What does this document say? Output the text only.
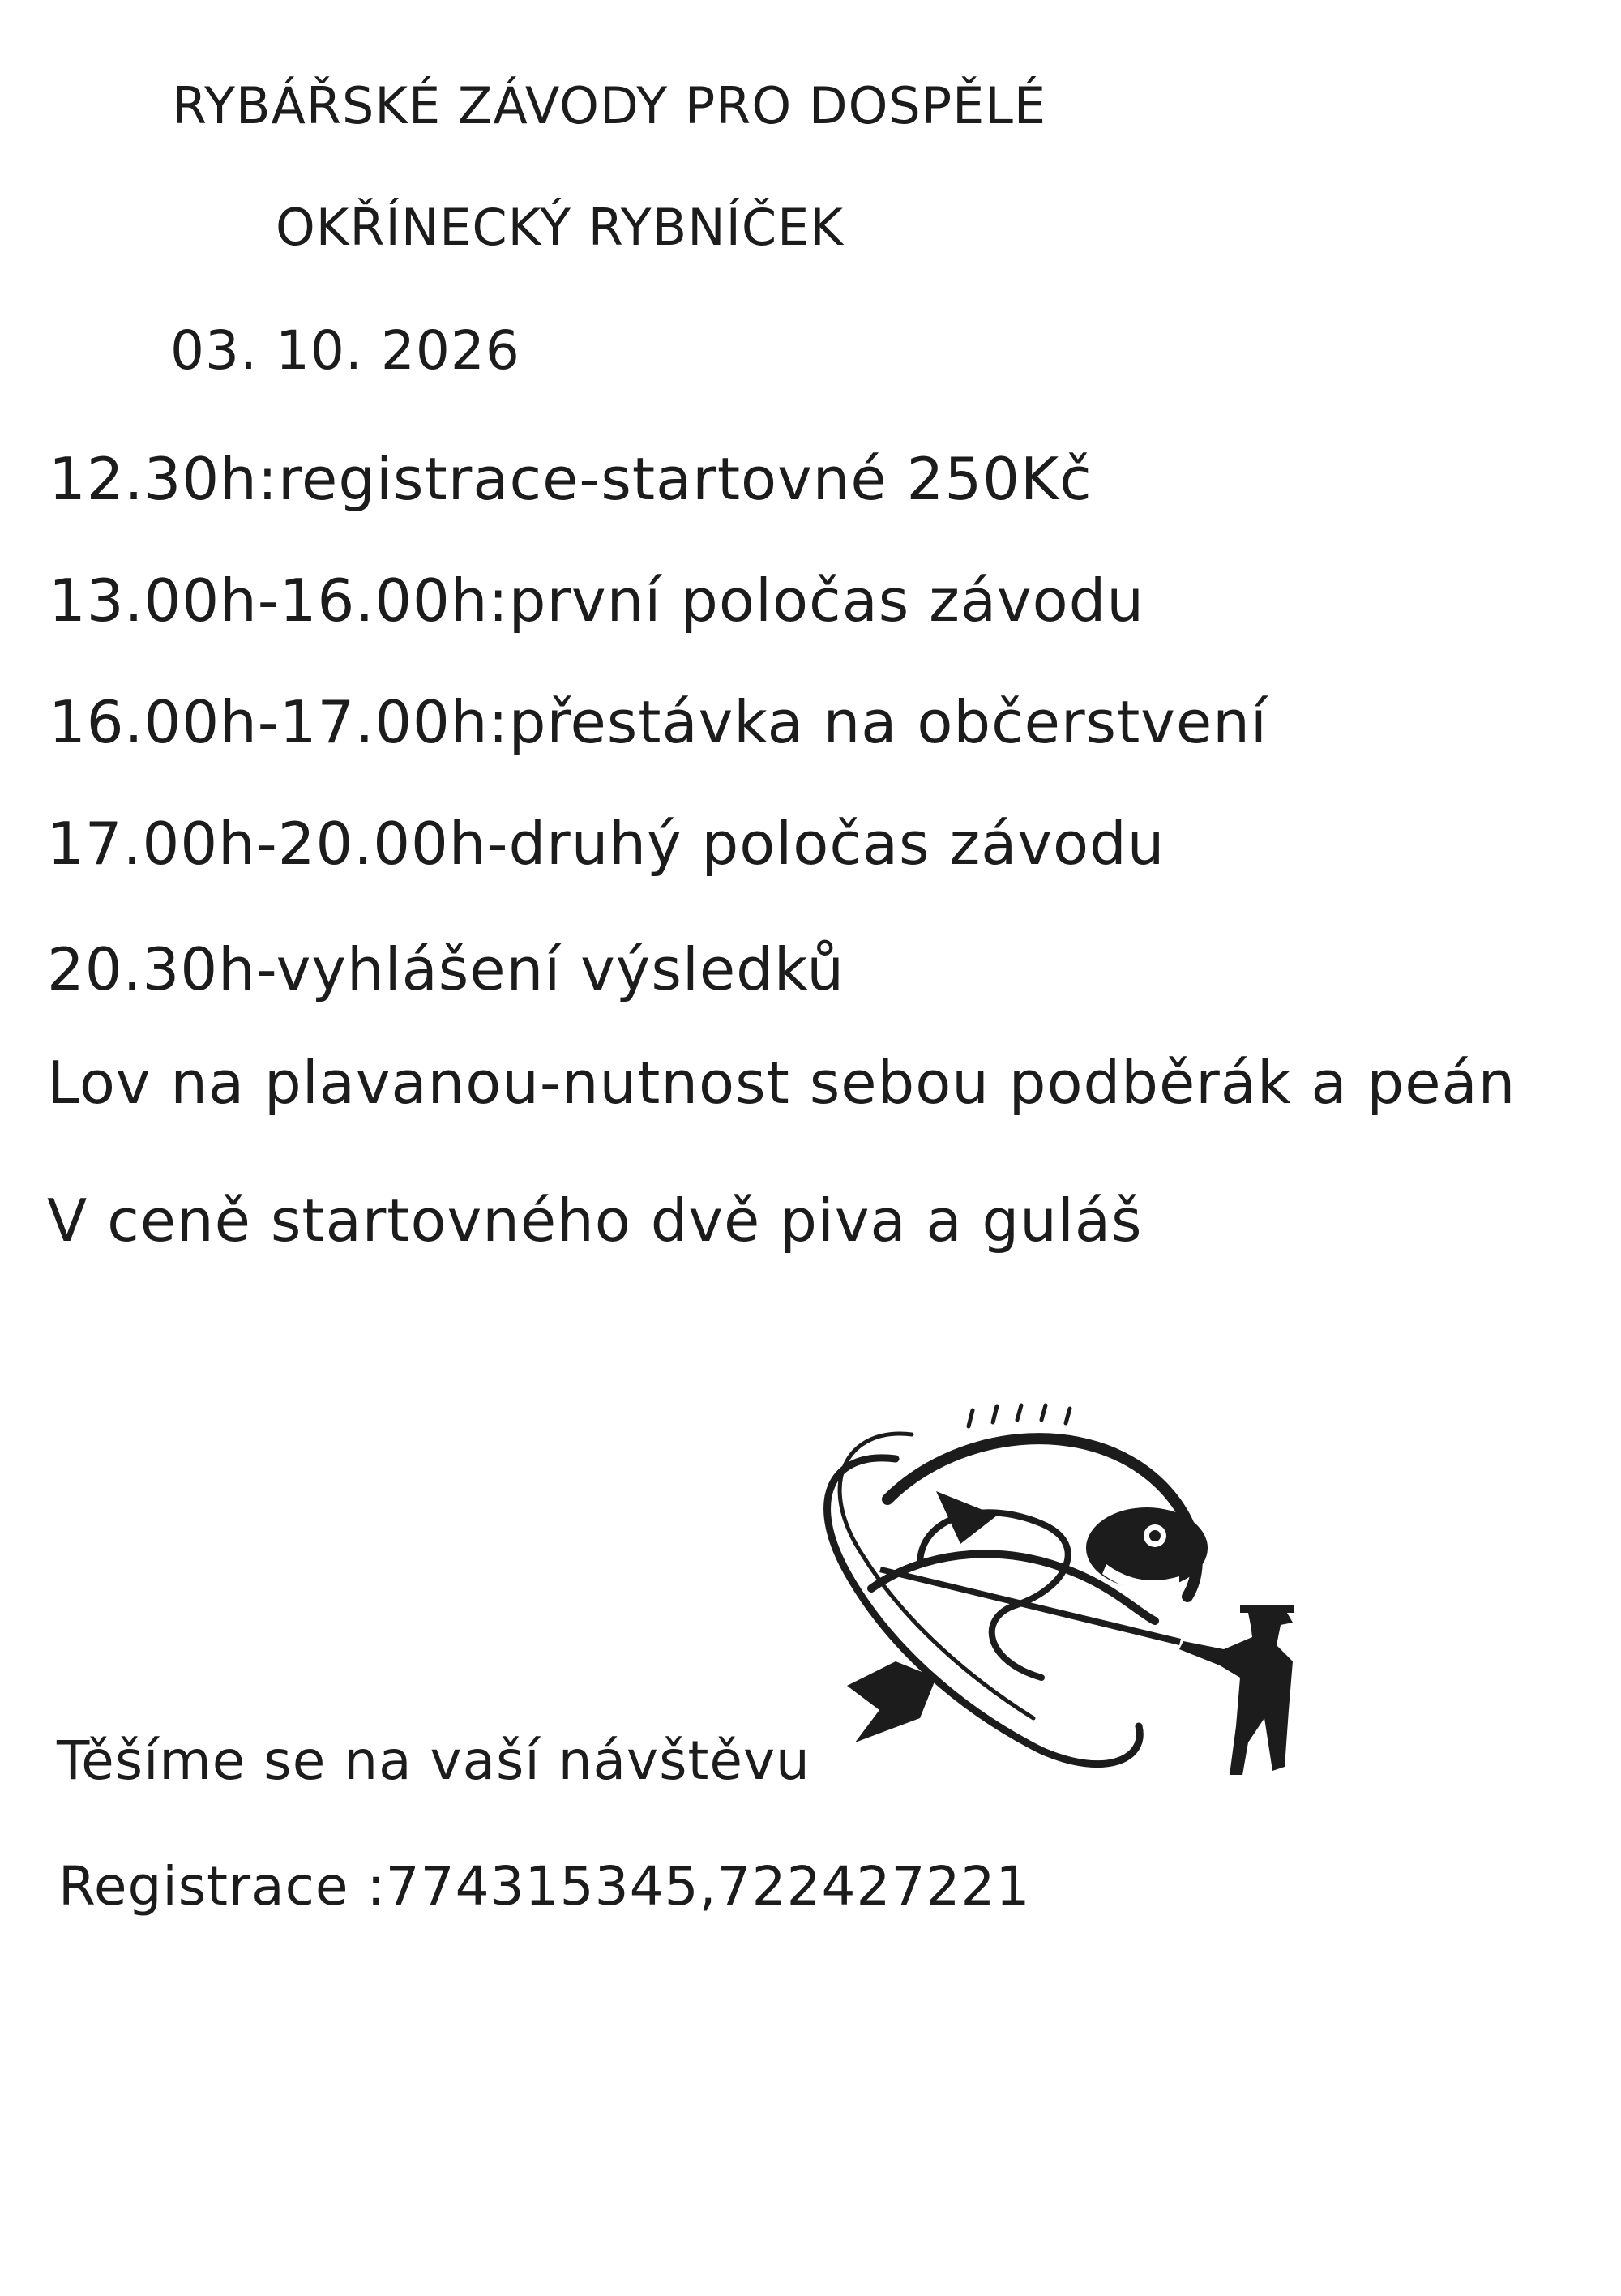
RYBÁŘSKÉ ZÁVODY PRO DOSPĚLÉ
OKŘÍNECKÝ RYBNÍČEK
03. 10. 2026
12.30h:registrace-startovné 250Kč
13.00h-16.00h:první poločas závodu
16.00h-17.00h:přestávka na občerstvení
17.00h-20.00h-druhý poločas závodu
20.30h-vyhlášení výsledků
Lov na plavanou-nutnost sebou podběrák a peán
V ceně startovného dvě piva a guláš
Těšíme se na vaší návštěvu
Registrace :774315345,722427221
